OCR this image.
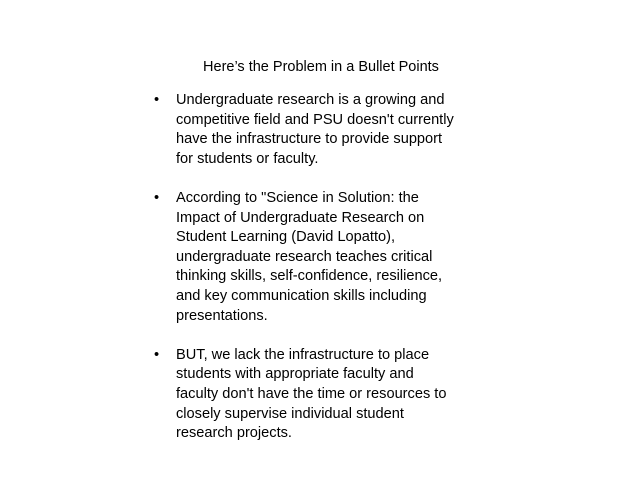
Here’s the Problem in a Bullet Points
• Undergraduate research is a growing and
competitive field and PSU doesn't currently
have the infrastructure to provide support
for students or faculty.
• According to "Science in Solution: the
Impact of Undergraduate Research on
Student Learning (David Lopatto),
undergraduate research teaches critical
thinking skills, self-confidence, resilience,
and key communication skills including
presentations.
• BUT, we lack the infrastructure to place
students with appropriate faculty and
faculty don't have the time or resources to
closely supervise individual student
research projects.
